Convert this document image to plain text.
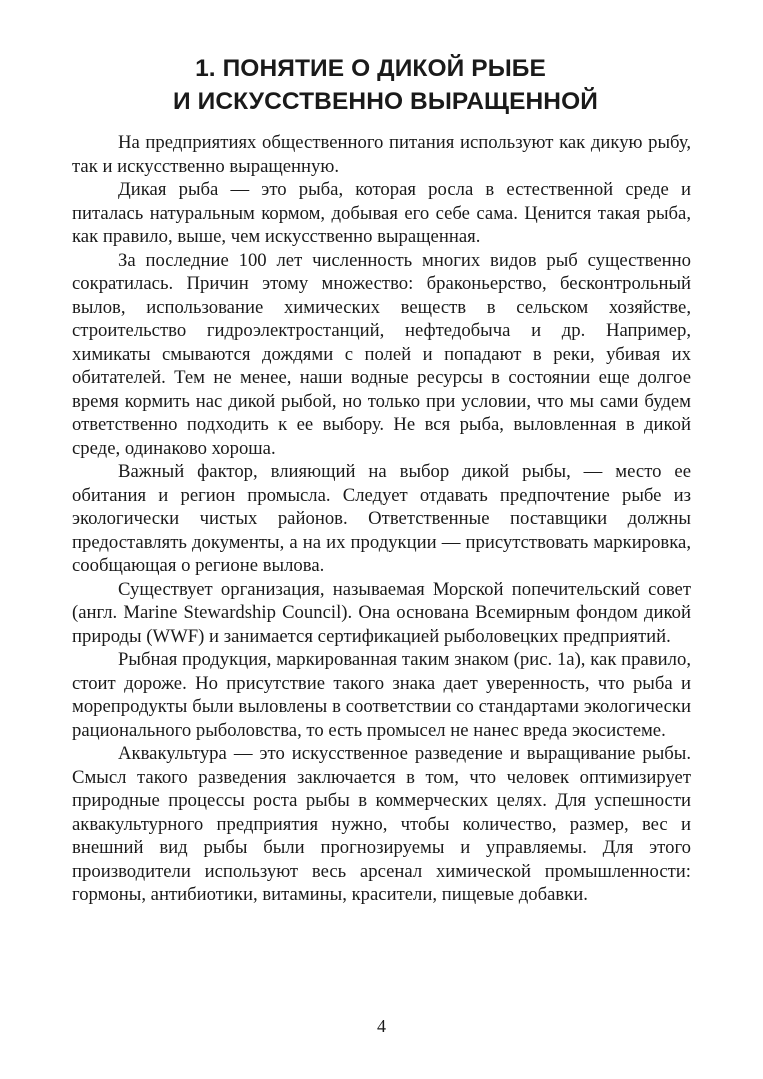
1. ПОНЯТИЕ О ДИКОЙ РЫБЕ
И ИСКУССТВЕННО ВЫРАЩЕННОЙ

На предприятиях общественного питания используют как дикую рыбу, так и искусственно выращенную.

Дикая рыба — это рыба, которая росла в естественной среде и питалась натуральным кормом, добывая его себе сама. Ценится такая рыба, как правило, выше, чем искусственно выращенная.

За последние 100 лет численность многих видов рыб существенно сократилась. Причин этому множество: браконьерство, бесконтрольный вылов, использование химических веществ в сельском хозяйстве, строительство гидроэлектростанций, нефтедобыча и др. Например, химикаты смываются дождями с полей и попадают в реки, убивая их обитателей. Тем не менее, наши водные ресурсы в состоянии еще долгое время кормить нас дикой рыбой, но только при условии, что мы сами будем ответственно подходить к ее выбору. Не вся рыба, выловленная в дикой среде, одинаково хороша.

Важный фактор, влияющий на выбор дикой рыбы, — место ее обитания и регион промысла. Следует отдавать предпочтение рыбе из экологически чистых районов. Ответственные поставщики должны предоставлять документы, а на их продукции — присутствовать маркировка, сообщающая о регионе вылова.

Существует организация, называемая Морской попечительский совет (англ. Marine Stewardship Council). Она основана Всемирным фондом дикой природы (WWF) и занимается сертификацией рыболовецких предприятий.

Рыбная продукция, маркированная таким знаком (рис. 1а), как правило, стоит дороже. Но присутствие такого знака дает уверенность, что рыба и морепродукты были выловлены в соответствии со стандартами экологически рационального рыболовства, то есть промысел не нанес вреда экосистеме.

Аквакультура — это искусственное разведение и выращивание рыбы. Смысл такого разведения заключается в том, что человек оптимизирует природные процессы роста рыбы в коммерческих целях. Для успешности аквакультурного предприятия нужно, чтобы количество, размер, вес и внешний вид рыбы были прогнозируемы и управляемы. Для этого производители используют весь арсенал химической промышленности: гормоны, антибиотики, витамины, красители, пищевые добавки.

4
